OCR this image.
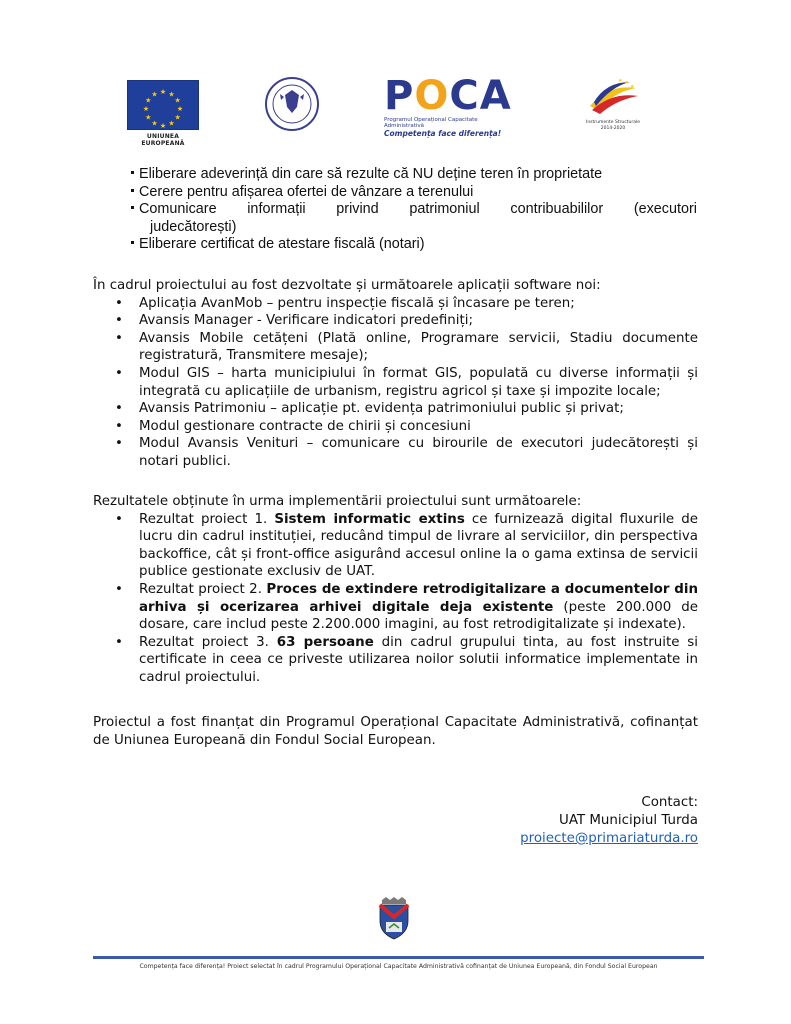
★ ★
★
★
★
★
★
★
★
★
★
★
UNIUNEA EUROPEANĂ
POCA
Programul Operațional Capacitate Administrativă
Competența face diferența!
★
★
★
Instrumente Structurale
2014-2020
Eliberare adeverință din care să rezulte că NU deține teren în proprietate
Cerere pentru afișarea ofertei de vânzare a terenului
Comunicare informații privind patrimoniul contribuabililor (executori
judecătorești)
Eliberare certificat de atestare fiscală (notari)

În cadrul proiectului au fost dezvoltate și următoarele aplicații software noi:

• Aplicația AvanMob – pentru inspecție fiscală și încasare pe teren;
• Avansis Manager - Verificare indicatori predefiniți;
• Avansis Mobile cetățeni (Plată online, Programare servicii, Stadiu documente registratură, Transmitere mesaje);
• Modul GIS – harta municipiului în format GIS, populată cu diverse informații și integrată cu aplicațiile de urbanism, registru agricol și taxe și impozite locale;
• Avansis Patrimoniu – aplicație pt. evidența patrimoniului public și privat;
• Modul gestionare contracte de chirii și concesiuni
• Modul Avansis Venituri – comunicare cu birourile de executori judecătorești și notari publici.

Rezultatele obținute în urma implementării proiectului sunt următoarele:

• Rezultat proiect 1. Sistem informatic extins ce furnizează digital fluxurile de lucru din cadrul instituției, reducând timpul de livrare al serviciilor, din perspectiva backoffice, cât și front-office asigurând accesul online la o gama extinsa de servicii publice gestionate exclusiv de UAT.
• Rezultat proiect 2. Proces de extindere retrodigitalizare a documentelor din arhiva și ocerizarea arhivei digitale deja existente (peste 200.000 de dosare, care includ peste 2.200.000 imagini, au fost retrodigitalizate și indexate).
• Rezultat proiect 3. 63 persoane din cadrul grupului tinta, au fost instruite si certificate in ceea ce priveste utilizarea noilor solutii informatice implementate in cadrul proiectului.

Proiectul a fost finanțat din Programul Operațional Capacitate Administrativă, cofinanțat de Uniunea Europeană din Fondul Social European.

Contact:
UAT Municipiul Turda
proiecte@primariaturda.ro
Competența face diferența! Proiect selectat în cadrul Programului Operațional Capacitate Administrativă cofinanțat de Uniunea Europeană, din Fondul Social European
